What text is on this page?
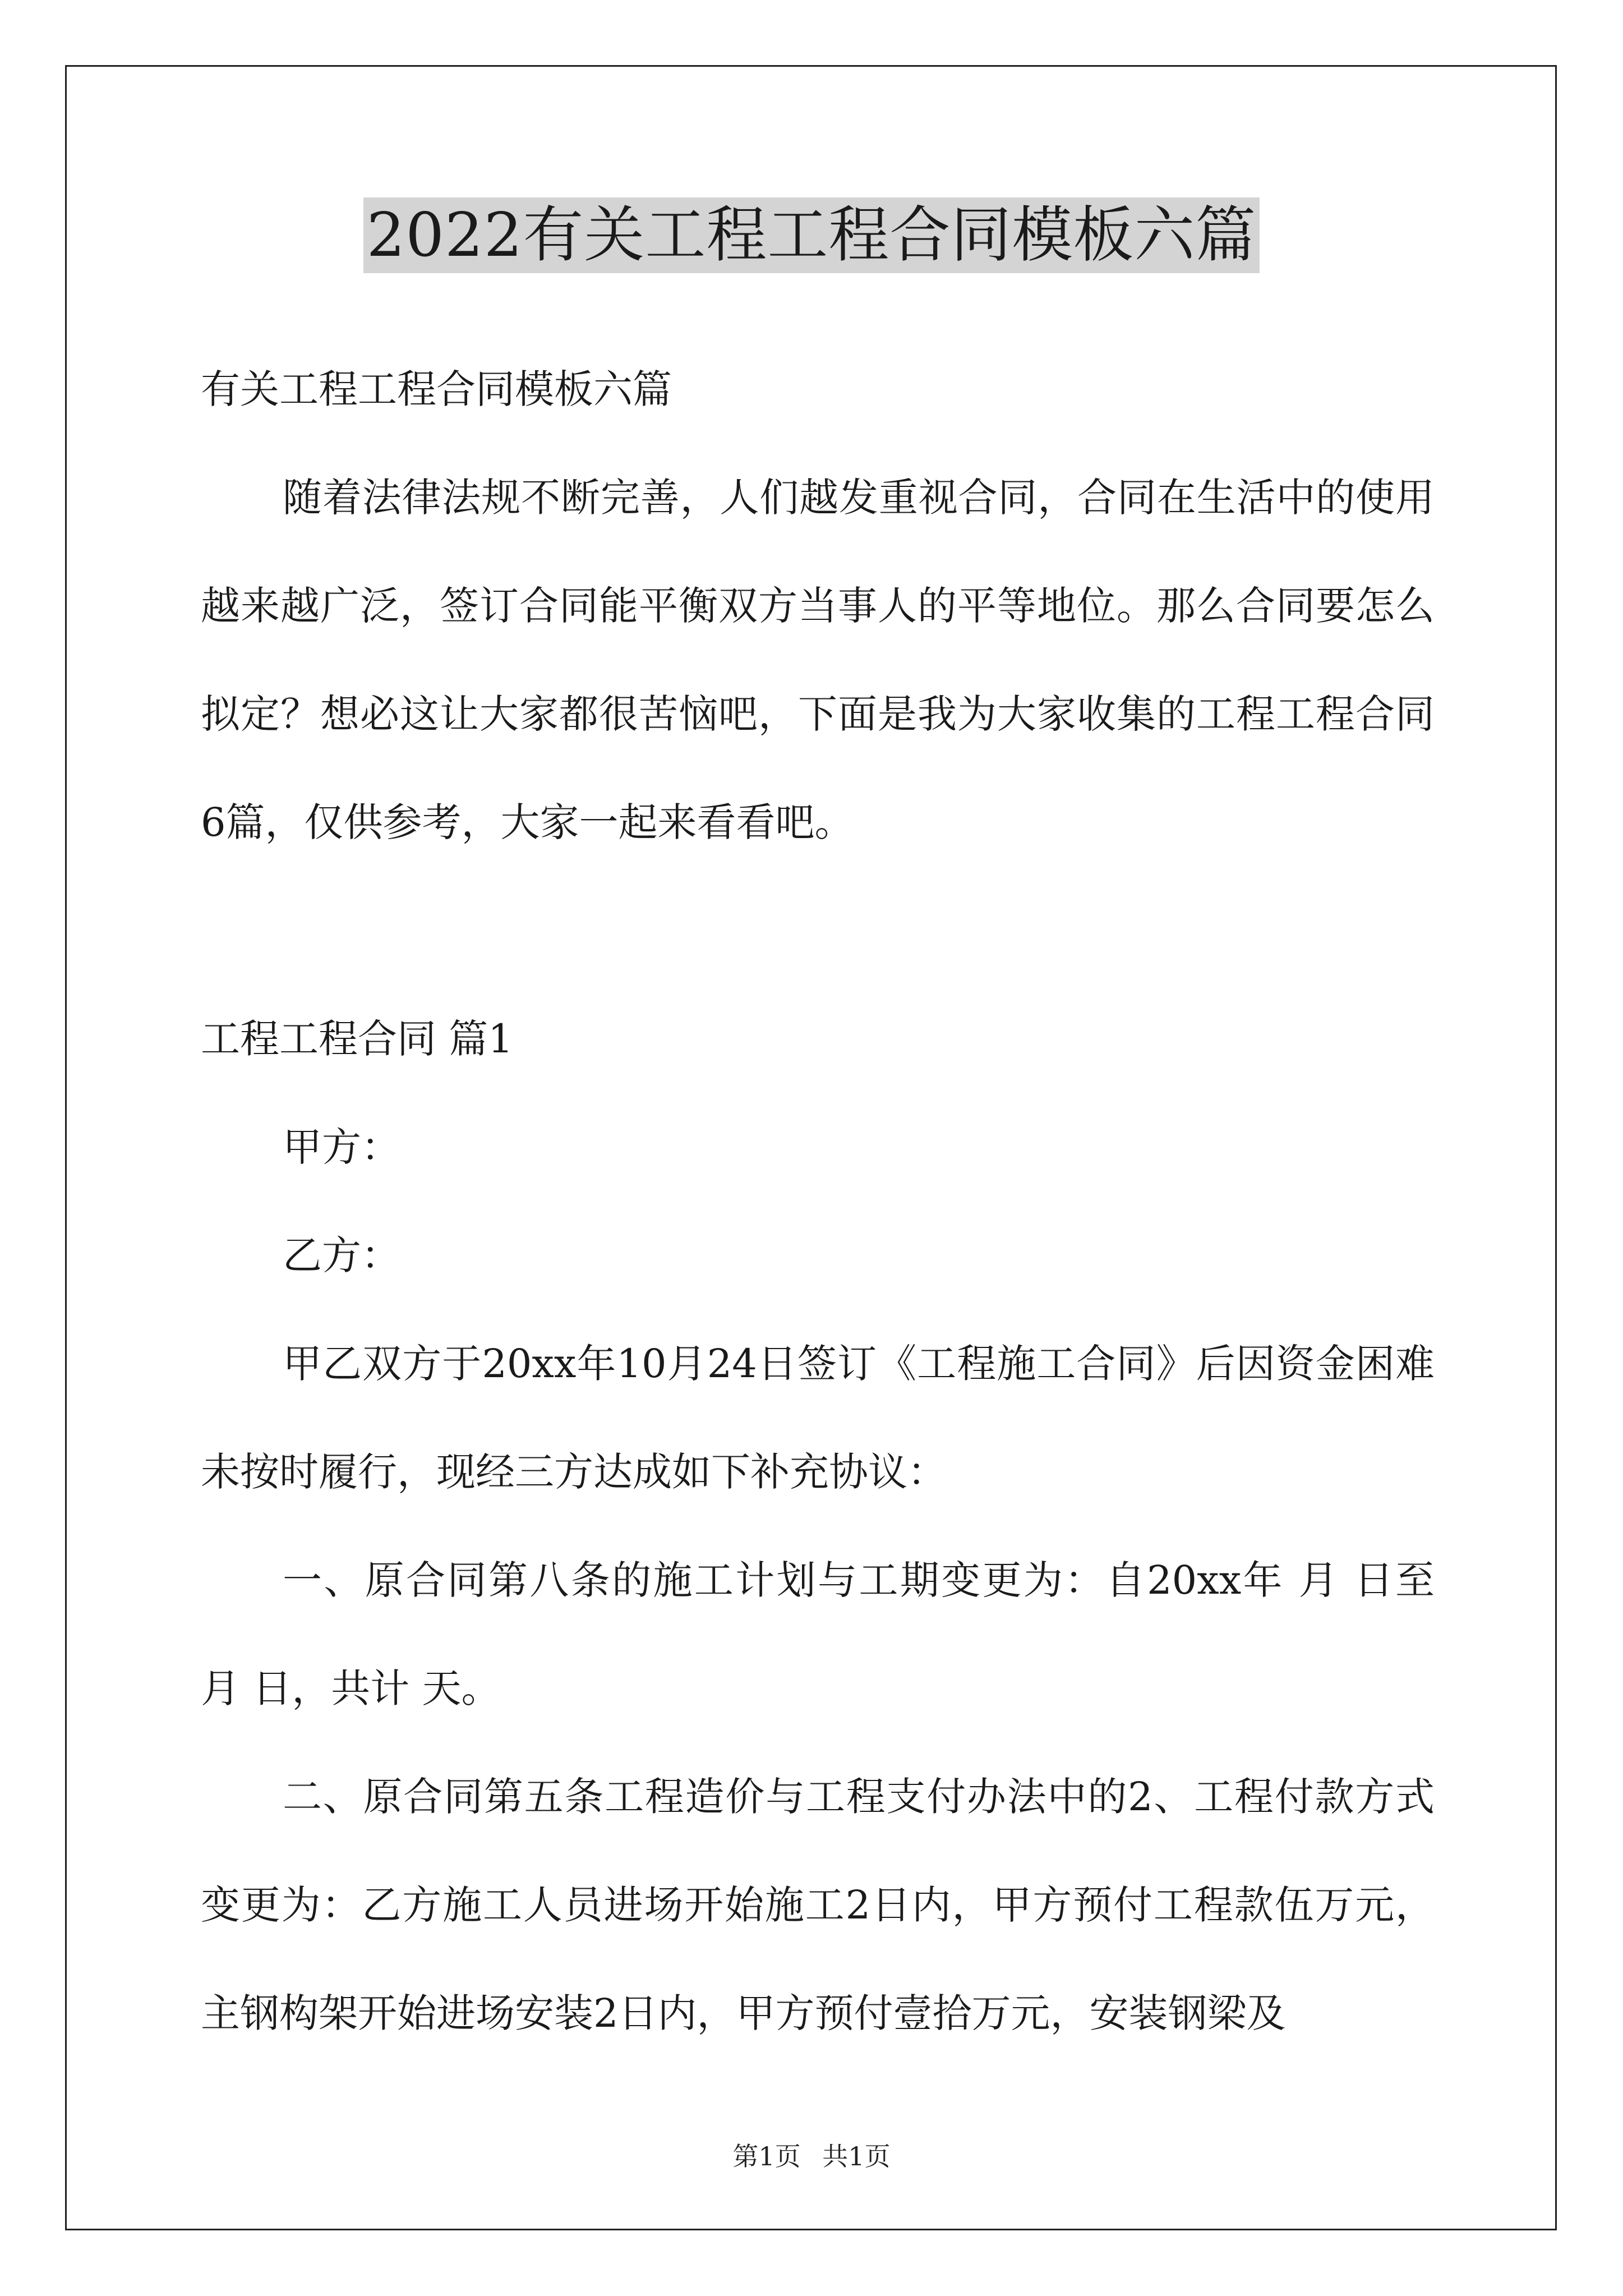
2022有关工程工程合同模板六篇

有关工程工程合同模板六篇

随着法律法规不断完善，人们越发重视合同，合同在生活中的使用越来越广泛，签订合同能平衡双方当事人的平等地位。那么合同要怎么拟定？想必这让大家都很苦恼吧，下面是我为大家收集的工程工程合同6篇，仅供参考，大家一起来看看吧。

工程工程合同 篇1

甲方：

乙方：

甲乙双方于20xx年10月24日签订《工程施工合同》后因资金困难未按时履行，现经三方达成如下补充协议：

一、原合同第八条的施工计划与工期变更为：自20xx年 月 日至 月 日，共计 天。

二、原合同第五条工程造价与工程支付办法中的2、工程付款方式变更为：乙方施工人员进场开始施工2日内，甲方预付工程款伍万元，主钢构架开始进场安装2日内，甲方预付壹拾万元，安装钢梁及

第1页 共1页
